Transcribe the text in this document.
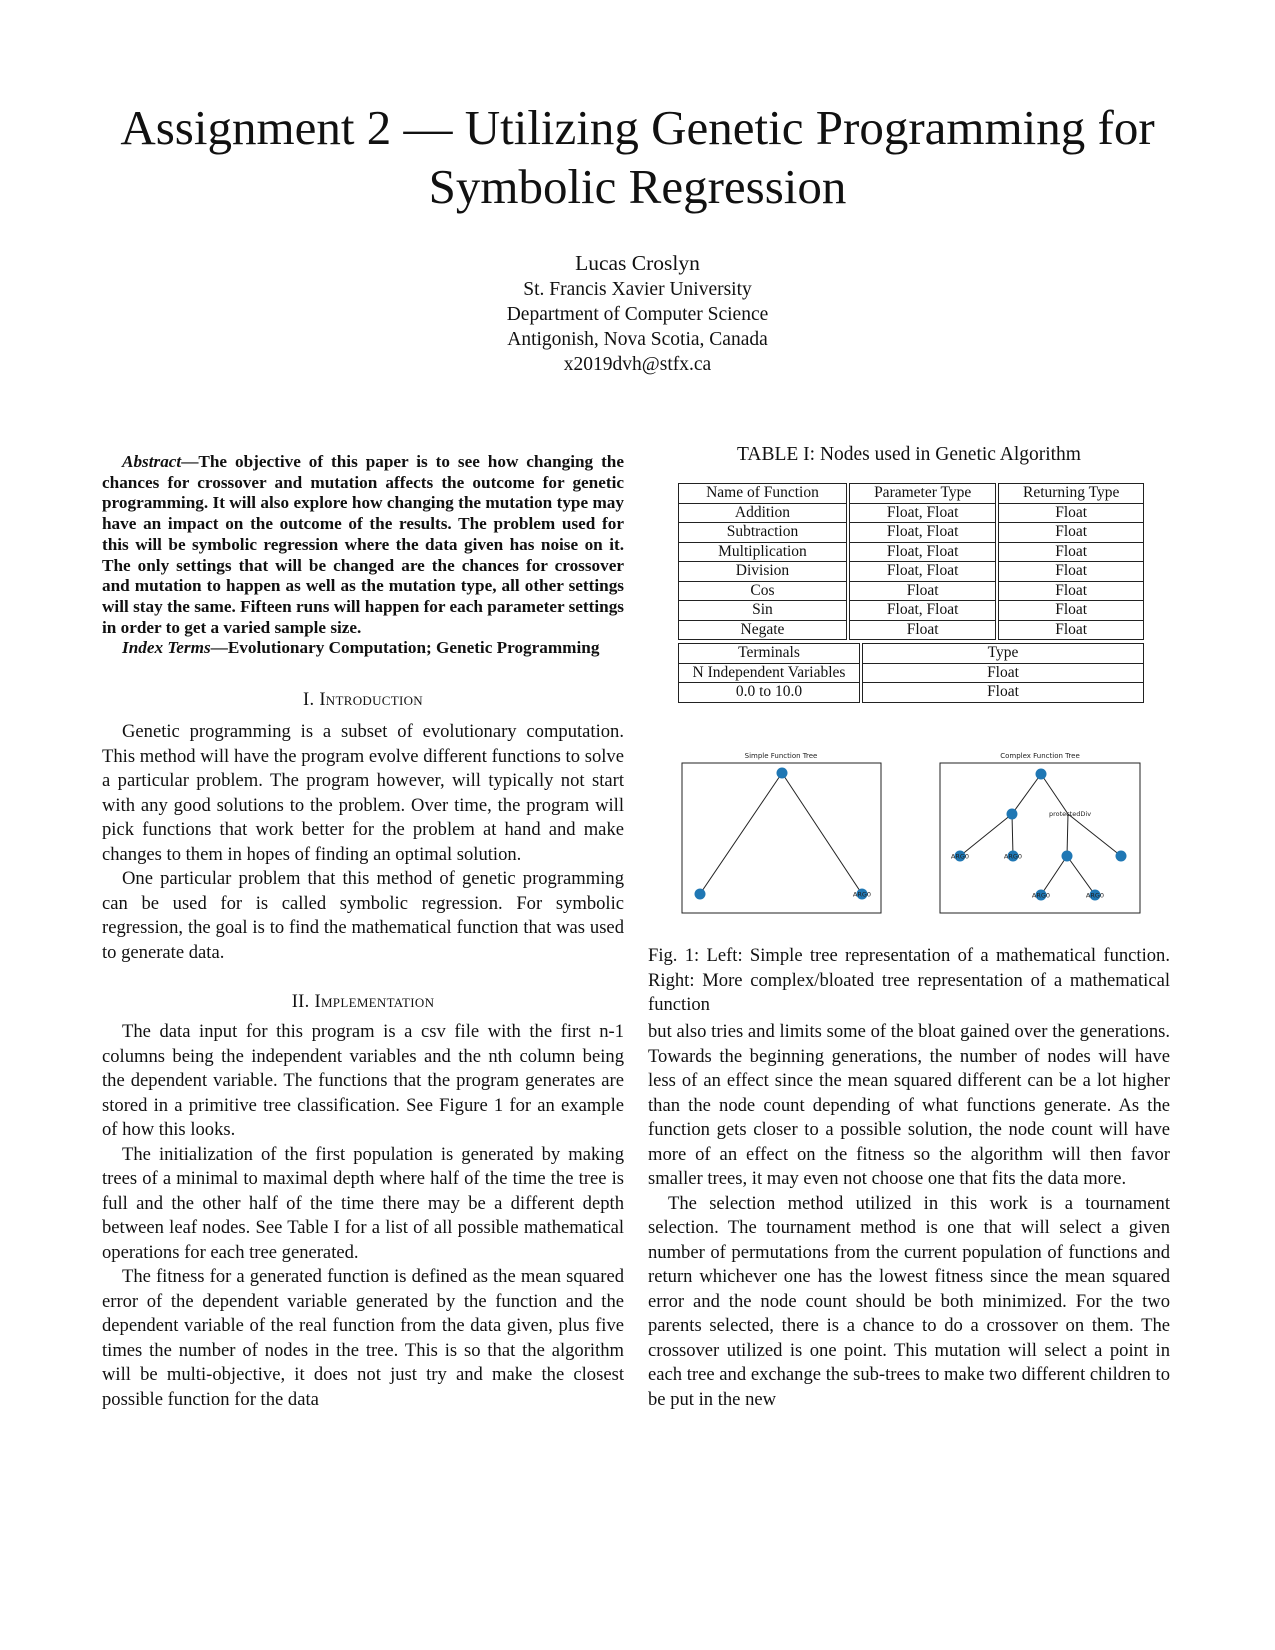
Assignment 2 — Utilizing Genetic Programming for Symbolic Regression
Lucas Croslyn
St. Francis Xavier University
Department of Computer Science
Antigonish, Nova Scotia, Canada
x2019dvh@stfx.ca

Abstract—The objective of this paper is to see how changing the chances for crossover and mutation affects the outcome for genetic programming. It will also explore how changing the mutation type may have an impact on the outcome of the results. The problem used for this will be symbolic regression where the data given has noise on it. The only settings that will be changed are the chances for crossover and mutation to happen as well as the mutation type, all other settings will stay the same. Fifteen runs will happen for each parameter settings in order to get a varied sample size.

Index Terms—Evolutionary Computation; Genetic Programming

I. Introduction

Genetic programming is a subset of evolutionary computation. This method will have the program evolve different functions to solve a particular problem. The program however, will typically not start with any good solutions to the problem. Over time, the program will pick functions that work better for the problem at hand and make changes to them in hopes of finding an optimal solution.

One particular problem that this method of genetic programming can be used for is called symbolic regression. For symbolic regression, the goal is to find the mathematical function that was used to generate data.

II. Implementation

The data input for this program is a csv file with the first n-1 columns being the independent variables and the nth column being the dependent variable. The functions that the program generates are stored in a primitive tree classification. See Figure 1 for an example of how this looks.

The initialization of the first population is generated by making trees of a minimal to maximal depth where half of the time the tree is full and the other half of the time there may be a different depth between leaf nodes. See Table I for a list of all possible mathematical operations for each tree generated.

The fitness for a generated function is defined as the mean squared error of the dependent variable generated by the function and the dependent variable of the real function from the data given, plus five times the number of nodes in the tree. This is so that the algorithm will be multi-objective, it does not just try and make the closest possible function for the data

but also tries and limits some of the bloat gained over the generations. Towards the beginning generations, the number of nodes will have less of an effect since the mean squared different can be a lot higher than the node count depending of what functions generate. As the function gets closer to a possible solution, the node count will have more of an effect on the fitness so the algorithm will then favor smaller trees, it may even not choose one that fits the data more.

The selection method utilized in this work is a tournament selection. The tournament method is one that will select a given number of permutations from the current population of functions and return whichever one has the lowest fitness since the mean squared error and the node count should be both minimized. For the two parents selected, there is a chance to do a crossover on them. The crossover utilized is one point. This mutation will select a point in each tree and exchange the sub-trees to make two different children to be put in the new

TABLE I: Nodes used in Genetic Algorithm
Name of Function	Parameter Type	Returning Type
Addition	Float, Float	Float
Subtraction	Float, Float	Float
Multiplication	Float, Float	Float
Division	Float, Float	Float
Cos	Float	Float
Sin	Float, Float	Float
Negate	Float	Float
Terminals	Type
N Independent Variables	Float
0.0 to 10.0	Float
Simple Function Tree
ARG0
Complex Function Tree
protectedDiv
ARG0	ARG0
ARG0	ARG0
Fig. 1: Left: Simple tree representation of a mathematical function. Right: More complex/bloated tree representation of a mathematical function
